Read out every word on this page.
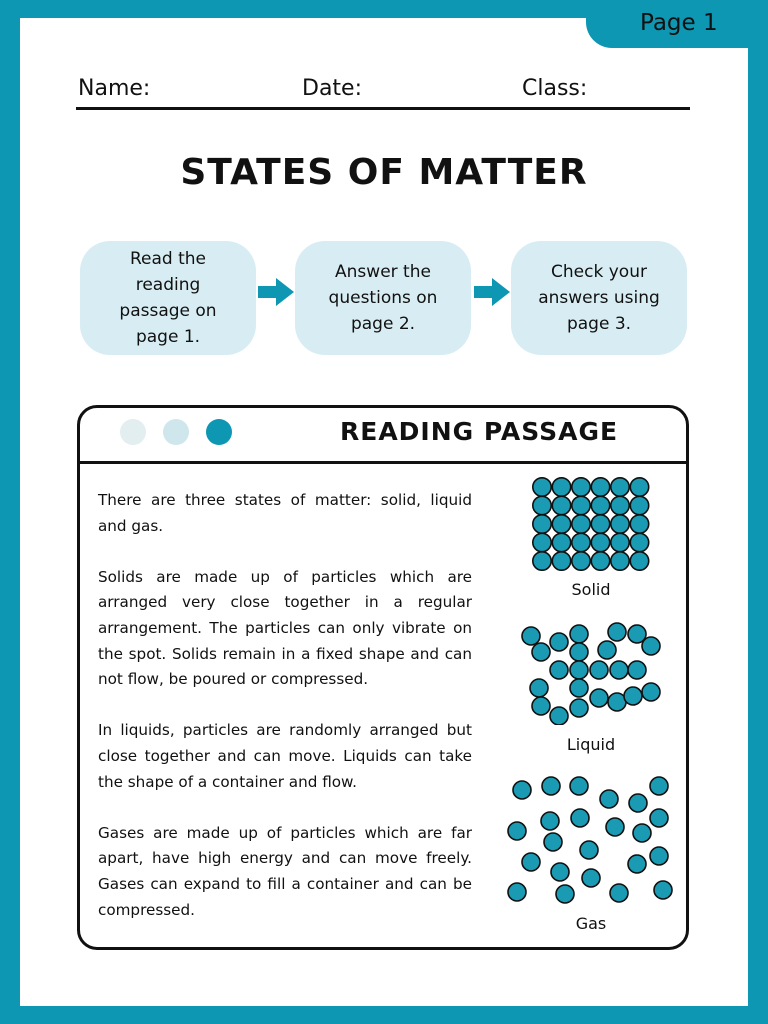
Page 1
Name:	Date:	Class:
STATES OF MATTER
Read the reading passage on page 1.
Answer the questions on page 2.
Check your answers using page 3.
READING PASSAGE

There are three states of matter: solid, liquid and gas.

Solids are made up of particles which are arranged very close together in a regular arrangement. The particles can only vibrate on the spot. Solids remain in a fixed shape and can not flow, be poured or compressed.

In liquids, particles are randomly arranged but close together and can move. Liquids can take the shape of a container and flow.

Gases are made up of particles which are far apart, have high energy and can move freely. Gases can expand to fill a container and can be compressed.

Solid
Liquid
Gas
